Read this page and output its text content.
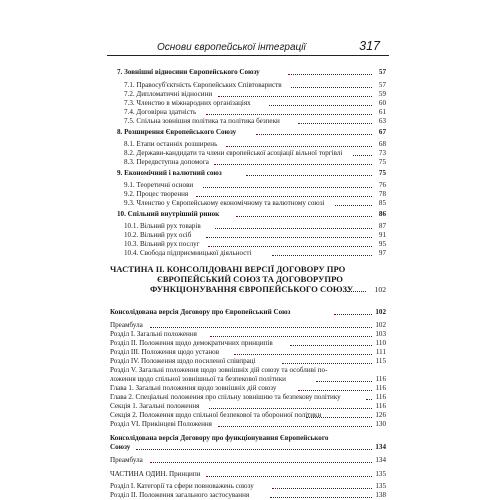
Основи європейської інтеграції	317
7. Зовнішні відносини Європейського Союзу	57
7.1. Правосуб'єктність Європейських Співтовариств	57
7.2. Дипломатичні відносини	59
7.3. Членство в міжнародних організаціях	60
7.4. Договірна здатність	61
7.5. Спільна зовнішня політика та політика безпеки	63
8. Розширення Європейського Союзу	67
8.1. Етапи останніх розширень	68
8.2. Держави-кандидати та члени європейської асоціації вільної торгівлі	73
8.3. Передвступна допомога	75
9. Економічний і валютний союз	75
9.1. Теоретичні основи	76
9.2. Процес творення	78
9.3. Членство у Європейському економічному та валютному союзі	85
10. Спільний внутрішній ринок	86
10.1. Вільний рух товарів	87
10.2. Вільний рух осіб	91
10.3. Вільний рух послуг	95
10.4. Свобода підприємницької діяльності	97
ЧАСТИНА ІІ. КОНСОЛІДОВАНІ ВЕРСІЇ ДОГОВОРУ ПРО
ЄВРОПЕЙСЬКИЙ СОЮЗ ТА ДОГОВОРУПРО
ФУНКЦІОНУВАННЯ ЄВРОПЕЙСЬКОГО СОЮЗУ	102
Консолідована версія Договору про Європейський Союз	102
Преамбула	102
Розділ І. Загальні положення	103
Розділ ІІ. Положення щодо демократичних принципів	110
Розділ ІІІ. Положення щодо установ	111
Розділ ІV. Положення щодо посиленої співпраці	115
Розділ V. Загальні положення щодо зовнішніх дій союзу та особливі по-
ложення щодо спільної зовнішньої та безпекової політики	116
Глава 1. Загальні положення щодо зовнішніх дій союзу	116
Глава 2. Спеціальні положення про спільну зовнішню та безпекову політику	116
Секція 1. Загальні положення	116
Секція 2. Положення щодо спільної безпекової та оборонної політики	126
Розділ VI. Прикінцеві Положення	130
Консолідована версія Договору про функціонування Європейського
Союзу	134
Преамбула	134
ЧАСТИНА ОДИН. Принципи	135
Розділ І. Категорії та сфери повноважень союзу	135
Розділ ІІ. Положення загального застосування	138
